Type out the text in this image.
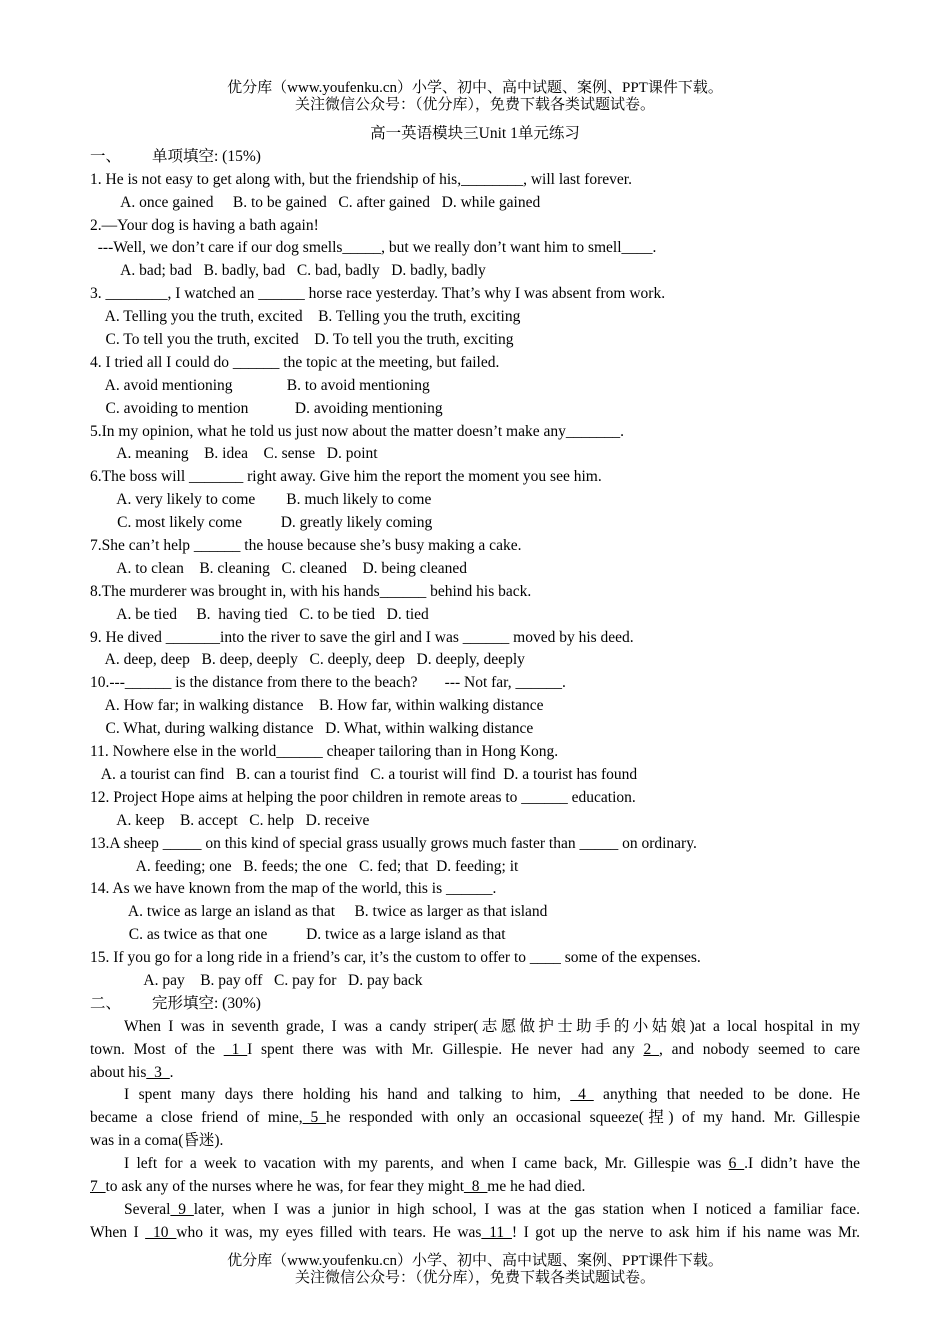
优分库（www.youfenku.cn）小学、初中、高中试题、案例、PPT课件下载。
关注微信公众号：（优分库），免费下载各类试题试卷。
高一英语模块三Unit 1单元练习
一、        单项填空: (15%)
1. He is not easy to get along with, but the friendship of his,________, will last forever.
A. once gained     B. to be gained   C. after gained   D. while gained
2.—Your dog is having a bath again!
---Well, we don’t care if our dog smells_____, but we really don’t want him to smell____.
A. bad; bad   B. badly, bad   C. bad, badly   D. badly, badly
3. ________, I watched an ______ horse race yesterday. That’s why I was absent from work.
A. Telling you the truth, excited    B. Telling you the truth, exciting
C. To tell you the truth, excited    D. To tell you the truth, exciting
4. I tried all I could do ______ the topic at the meeting, but failed.
A. avoid mentioning              B. to avoid mentioning
C. avoiding to mention            D. avoiding mentioning
5.In my opinion, what he told us just now about the matter doesn’t make any_______.
A. meaning    B. idea    C. sense   D. point
6.The boss will _______ right away. Give him the report the moment you see him.
A. very likely to come        B. much likely to come
C. most likely come          D. greatly likely coming
7.She can’t help ______ the house because she’s busy making a cake.
A. to clean    B. cleaning   C. cleaned    D. being cleaned
8.The murderer was brought in, with his hands______ behind his back.
A. be tied     B.  having tied   C. to be tied   D. tied
9. He dived _______into the river to save the girl and I was ______ moved by his deed.
A. deep, deep   B. deep, deeply   C. deeply, deep   D. deeply, deeply
10.---______ is the distance from there to the beach?       --- Not far, ______.
A. How far; in walking distance    B. How far, within walking distance
C. What, during walking distance   D. What, within walking distance
11. Nowhere else in the world______ cheaper tailoring than in Hong Kong.
A. a tourist can find   B. can a tourist find   C. a tourist will find  D. a tourist has found
12. Project Hope aims at helping the poor children in remote areas to ______ education.
A. keep    B. accept   C. help   D. receive
13.A sheep _____ on this kind of special grass usually grows much faster than _____ on ordinary.
A. feeding; one   B. feeds; the one   C. fed; that  D. feeding; it
14. As we have known from the map of the world, this is ______.
A. twice as large an island as that     B. twice as larger as that island
C. as twice as that one          D. twice as a large island as that
15. If you go for a long ride in a friend’s car, it’s the custom to offer to ____ some of the expenses.
A. pay    B. pay off   C. pay for   D. pay back
二、        完形填空: (30%)
When I was in seventh grade, I was a candy striper(志愿做护士助手的小姑娘)at a local hospital in my
town. Most of the _1_I spent there was with Mr. Gillespie. He never had any 2_, and nobody seemed to care
about his_3_.
I spent many days there holding his hand and talking to him, _4_ anything that needed to be done. He
became a close friend of mine,_5_he responded with only an occasional squeeze(捏) of my hand. Mr. Gillespie
was in a coma(昏迷).
I left for a week to vacation with my parents, and when I came back, Mr. Gillespie was 6_.I didn’t have the
7_to ask any of the nurses where he was, for fear they might_8_me he had died.
Several_9_later, when I was a junior in high school, I was at the gas station when I noticed a familiar face.
When I _10_who it was, my eyes filled with tears. He was_11_! I got up the nerve to ask him if his name was Mr.
优分库（www.youfenku.cn）小学、初中、高中试题、案例、PPT课件下载。
关注微信公众号：（优分库），免费下载各类试题试卷。
